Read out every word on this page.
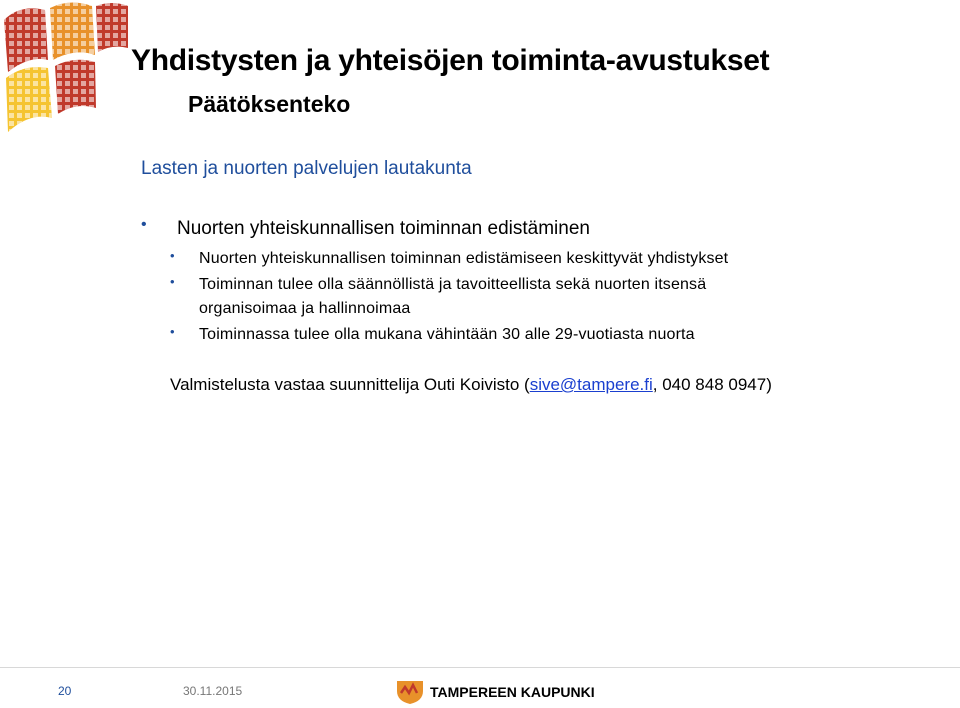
Yhdistysten ja yhteisöjen toiminta-avustukset
Päätöksenteko
Lasten ja nuorten palvelujen lautakunta
• Nuorten yhteiskunnallisen toiminnan edistäminen
• Nuorten yhteiskunnallisen toiminnan edistämiseen keskittyvät yhdistykset
• Toiminnan tulee olla säännöllistä ja tavoitteellista sekä nuorten itsensä
organisoimaa ja hallinnoimaa
• Toiminnassa tulee olla mukana vähintään 30 alle 29-vuotiasta nuorta
Valmistelusta vastaa suunnittelija Outi Koivisto (sive@tampere.fi, 040 848 0947)
20	30.11.2015	TAMPEREEN KAUPUNKI
